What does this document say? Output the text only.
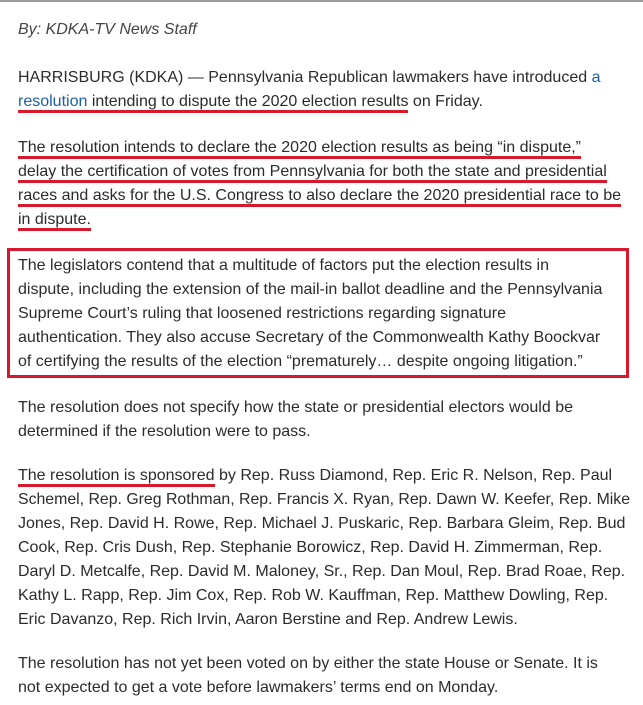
By: KDKA-TV News Staff
HARRISBURG (KDKA) — Pennsylvania Republican lawmakers have introduced a
resolution intending to dispute the 2020 election results on Friday.
The resolution intends to declare the 2020 election results as being “in dispute,”
delay the certification of votes from Pennsylvania for both the state and presidential
races and asks for the U.S. Congress to also declare the 2020 presidential race to be
in dispute.
The legislators contend that a multitude of factors put the election results in
dispute, including the extension of the mail-in ballot deadline and the Pennsylvania
Supreme Court’s ruling that loosened restrictions regarding signature
authentication. They also accuse Secretary of the Commonwealth Kathy Boockvar
of certifying the results of the election “prematurely… despite ongoing litigation.”
The resolution does not specify how the state or presidential electors would be
determined if the resolution were to pass.
The resolution is sponsored by Rep. Russ Diamond, Rep. Eric R. Nelson, Rep. Paul
Schemel, Rep. Greg Rothman, Rep. Francis X. Ryan, Rep. Dawn W. Keefer, Rep. Mike
Jones, Rep. David H. Rowe, Rep. Michael J. Puskaric, Rep. Barbara Gleim, Rep. Bud
Cook, Rep. Cris Dush, Rep. Stephanie Borowicz, Rep. David H. Zimmerman, Rep.
Daryl D. Metcalfe, Rep. David M. Maloney, Sr., Rep. Dan Moul, Rep. Brad Roae, Rep.
Kathy L. Rapp, Rep. Jim Cox, Rep. Rob W. Kauffman, Rep. Matthew Dowling, Rep.
Eric Davanzo, Rep. Rich Irvin, Aaron Berstine and Rep. Andrew Lewis.
The resolution has not yet been voted on by either the state House or Senate. It is
not expected to get a vote before lawmakers’ terms end on Monday.
